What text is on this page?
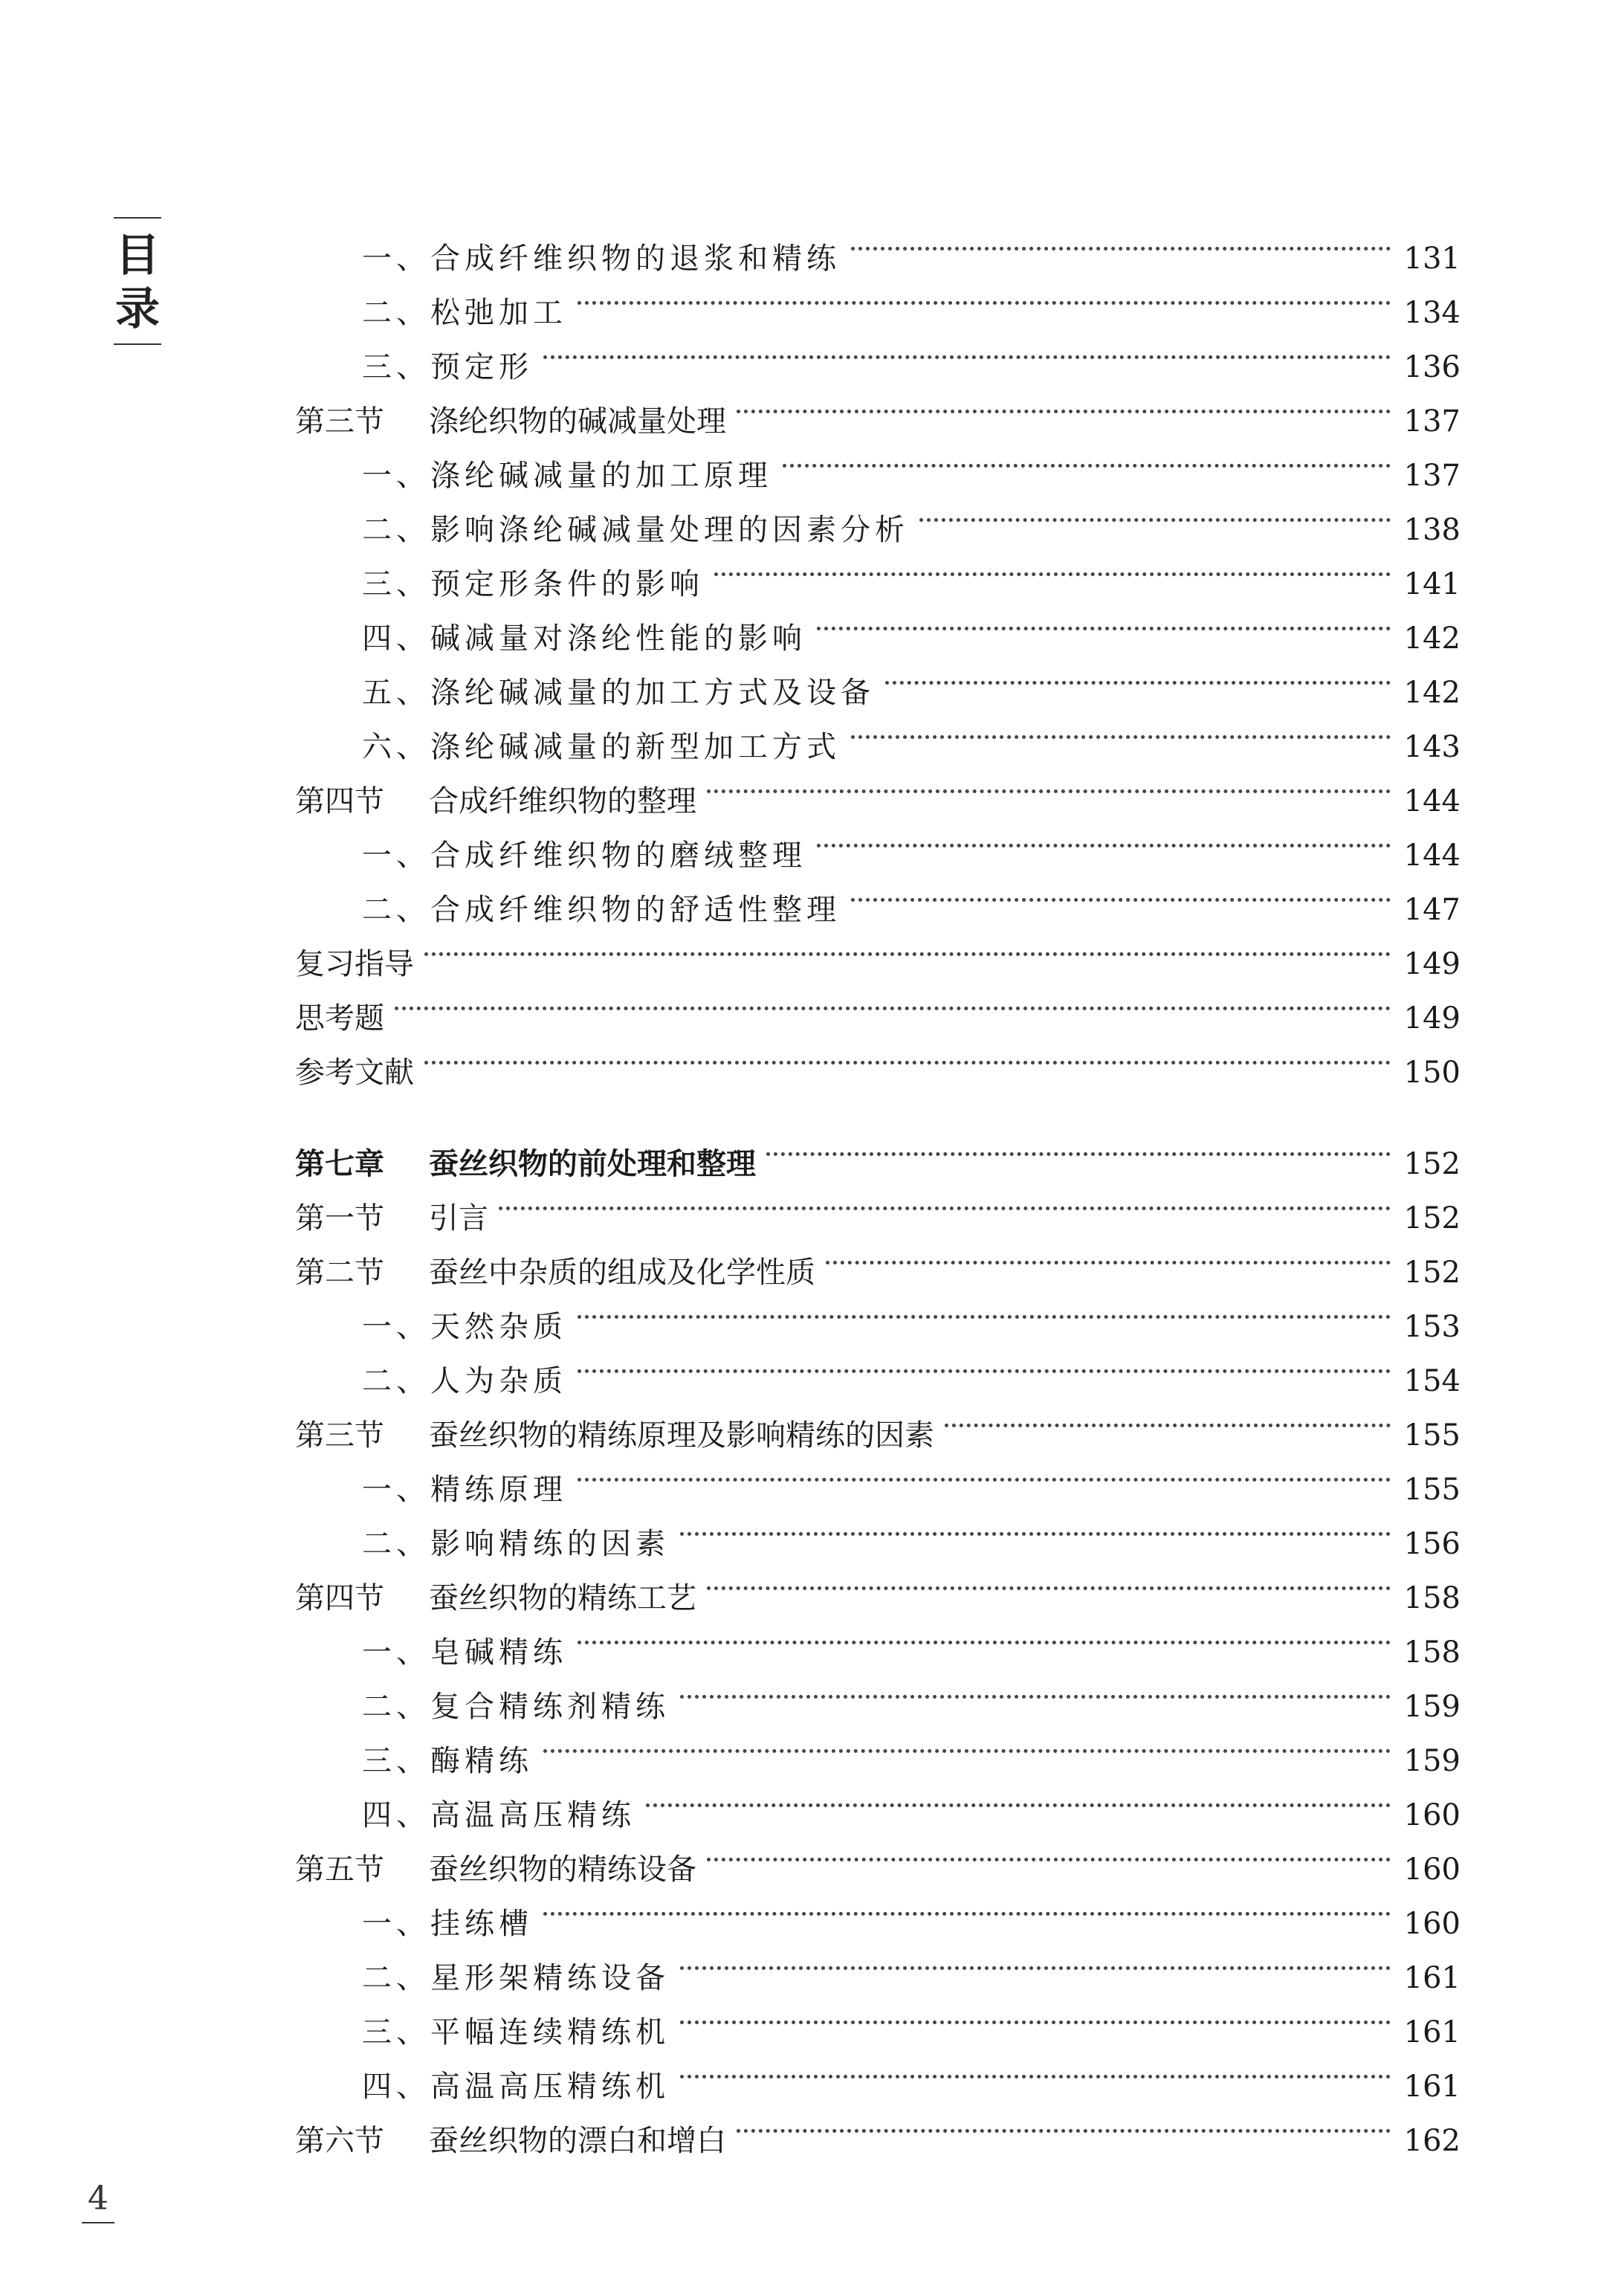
目
录
一、合成纤维织物的退浆和精练	131
二、松弛加工	134
三、预定形	136
第三节	涤纶织物的碱减量处理	137
一、涤纶碱减量的加工原理	137
二、影响涤纶碱减量处理的因素分析	138
三、预定形条件的影响	141
四、碱减量对涤纶性能的影响	142
五、涤纶碱减量的加工方式及设备	142
六、涤纶碱减量的新型加工方式	143
第四节	合成纤维织物的整理	144
一、合成纤维织物的磨绒整理	144
二、合成纤维织物的舒适性整理	147
复习指导	149
思考题	149
参考文献	150
第七章	蚕丝织物的前处理和整理	152
第一节	引言	152
第二节	蚕丝中杂质的组成及化学性质	152
一、天然杂质	153
二、人为杂质	154
第三节	蚕丝织物的精练原理及影响精练的因素	155
一、精练原理	155
二、影响精练的因素	156
第四节	蚕丝织物的精练工艺	158
一、皂碱精练	158
二、复合精练剂精练	159
三、酶精练	159
四、高温高压精练	160
第五节	蚕丝织物的精练设备	160
一、挂练槽	160
二、星形架精练设备	161
三、平幅连续精练机	161
四、高温高压精练机	161
第六节	蚕丝织物的漂白和增白	162
4
